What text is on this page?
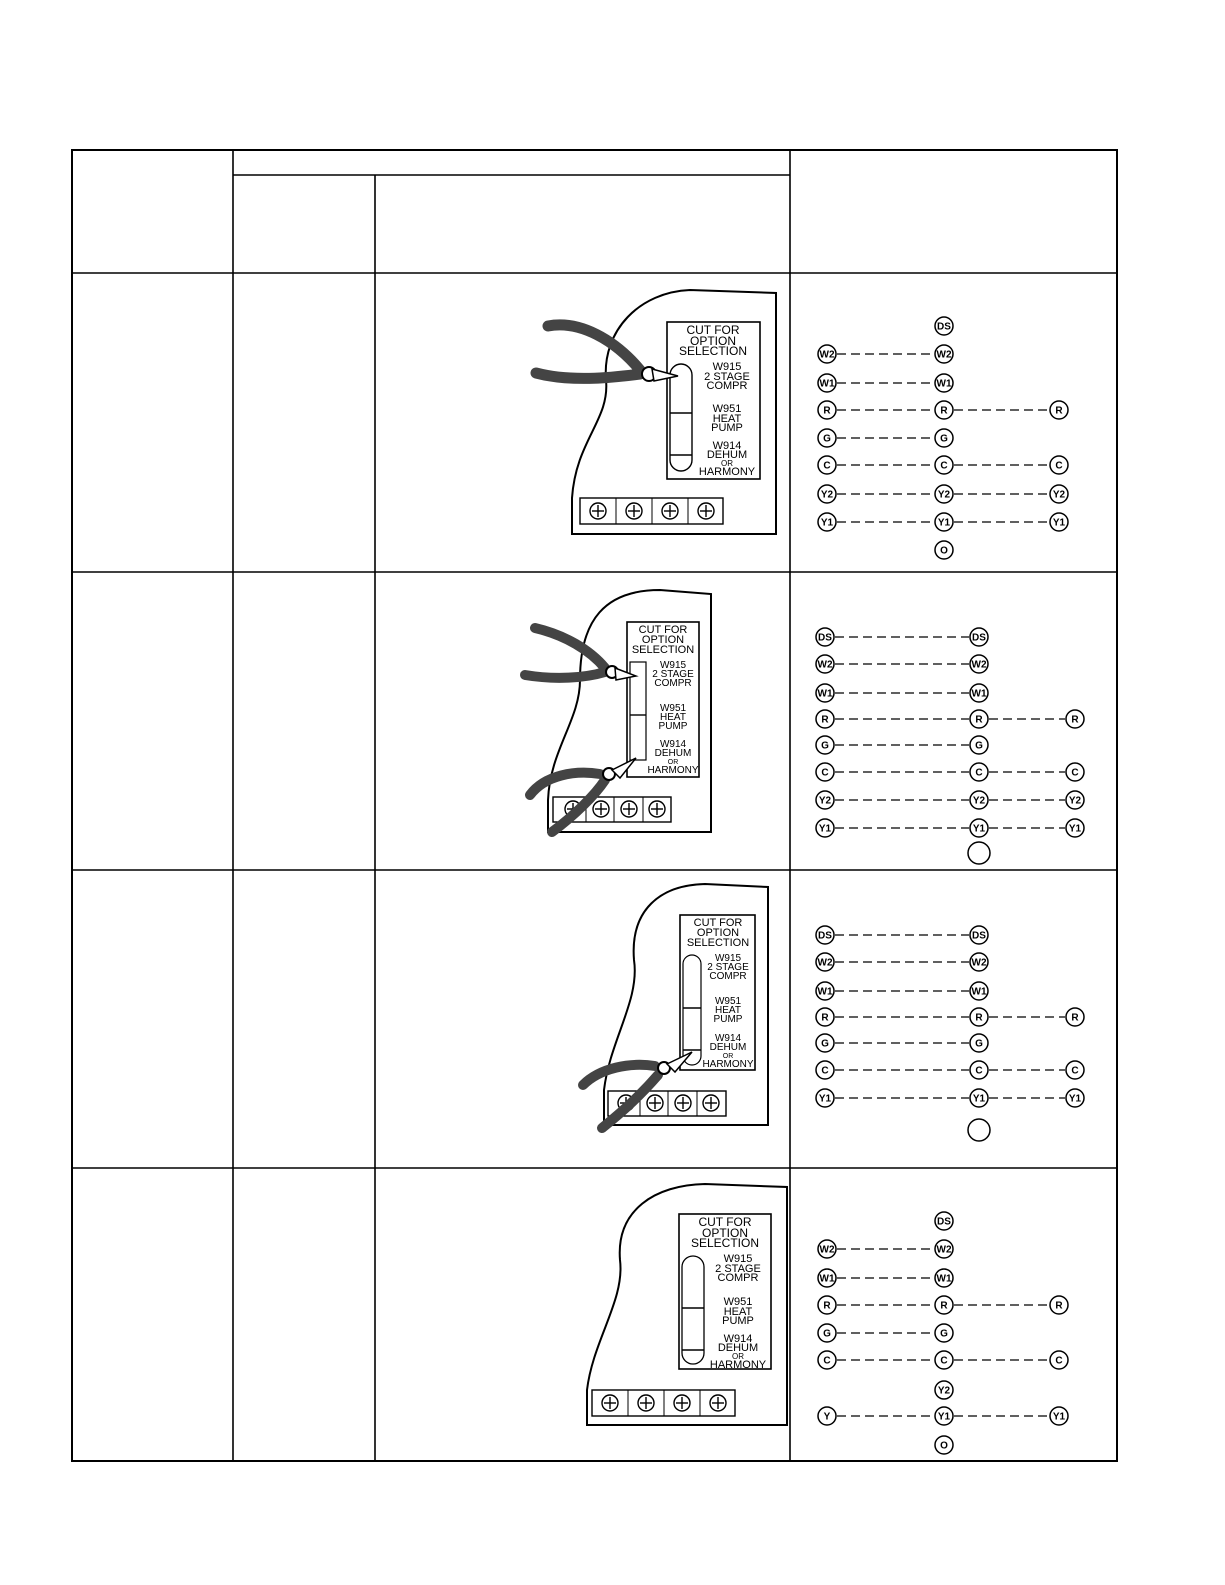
CUT FOR
OPTION
SELECTION
W915
2 STAGE
COMPR
W951
HEAT
PUMP
W914
DEHUM
OR
HARMONY
CUT FOR
OPTION
SELECTION
W915
2 STAGE
COMPR
W951
HEAT
PUMP
W914
DEHUM
OR
HARMONY
CUT FOR
OPTION
SELECTION
W915
2 STAGE
COMPR
W951
HEAT
PUMP
W914
DEHUM
OR
HARMONY
CUT FOR
OPTION
SELECTION
W915
2 STAGE
COMPR
W951
HEAT
PUMP
W914
DEHUM
OR
HARMONY
W2
W1
R
G
C
Y2
Y1
DS
W2
W1
R
G
C
Y2
Y1
O
R
C
Y2
Y1
DS
W2
W1
R
G
C
Y2
Y1
DS
W2
W1
R
G
C
Y2
Y1
R
C
Y2
Y1
DS
W2
W1
R
G
C
Y1
DS
W2
W1
R
G
C
Y1
R
C
Y1
W2
W1
R
G
C
Y
DS
W2
W1
R
G
C
Y2
Y1
O
R
C
Y1
